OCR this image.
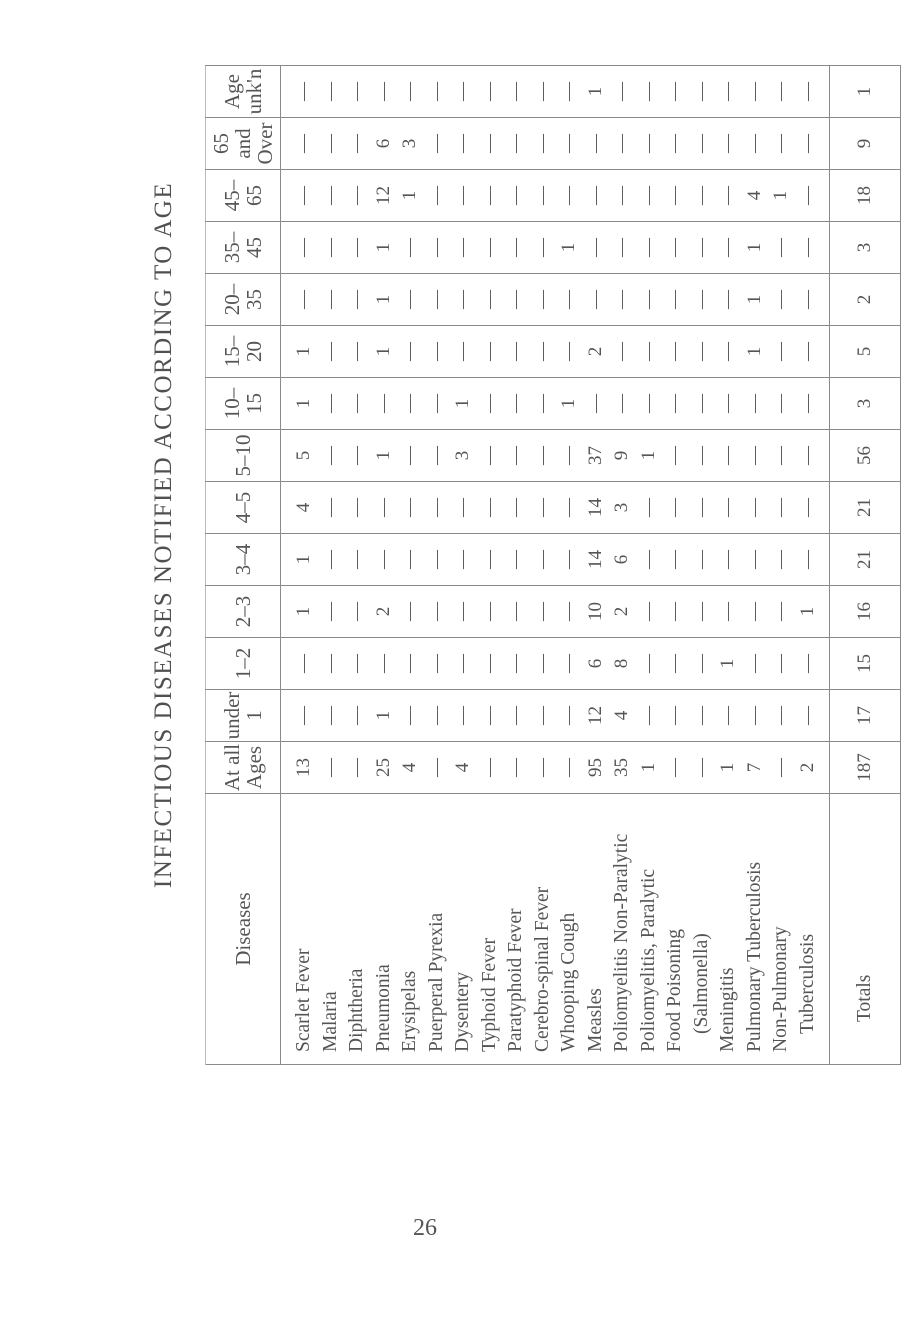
INFECTIOUS DISEASES NOTIFIED ACCORDING TO AGE
Diseases	At all Ages	under 1	1–2	2–3	3–4	4–5	5–10	10–15	15–20	20–35	35–45	45–65	65 and Over	Age unk'n
Scarlet Fever	13	—	—	1	1	4	5	1	1	—	—	—	—	—
Malaria	—	—	—	—	—	—	—	—	—	—	—	—	—	—
Diphtheria	—	—	—	—	—	—	—	—	—	—	—	—	—	—
Pneumonia	25	1	—	2	—	—	1	—	1	1	1	12	6	—
Erysipelas	4	—	—	—	—	—	—	—	—	—	—	1	3	—
Puerperal Pyrexia	—	—	—	—	—	—	—	—	—	—	—	—	—	—
Dysentery	4	—	—	—	—	—	3	1	—	—	—	—	—	—
Typhoid Fever	—	—	—	—	—	—	—	—	—	—	—	—	—	—
Paratyphoid Fever	—	—	—	—	—	—	—	—	—	—	—	—	—	—
Cerebro-spinal Fever	—	—	—	—	—	—	—	—	—	—	—	—	—	—
Whooping Cough	—	—	—	—	—	—	—	1	—	—	1	—	—	—
Measles	95	12	6	10	14	14	37	—	2	—	—	—	—	1
Poliomyelitis Non-Paralytic	35	4	8	2	6	3	9	—	—	—	—	—	—	—
Poliomyelitis, Paralytic	1	—	—	—	—	—	1	—	—	—	—	—	—	—
Food Poisoning	—	—	—	—	—	—	—	—	—	—	—	—	—	—
(Salmonella)	—	—	—	—	—	—	—	—	—	—	—	—	—	—
Meningitis	1	—	1	—	—	—	—	—	—	—	—	—	—	—
Pulmonary Tuberculosis	7	—	—	—	—	—	—	—	1	1	1	4	—	—
Non-Pulmonary	—	—	—	—	—	—	—	—	—	—	—	1	—	—
Tuberculosis	2	—	—	1	—	—	—	—	—	—	—	—	—	—

Totals	187	17	15	16	21	21	56	3	5	2	3	18	9	1
26
